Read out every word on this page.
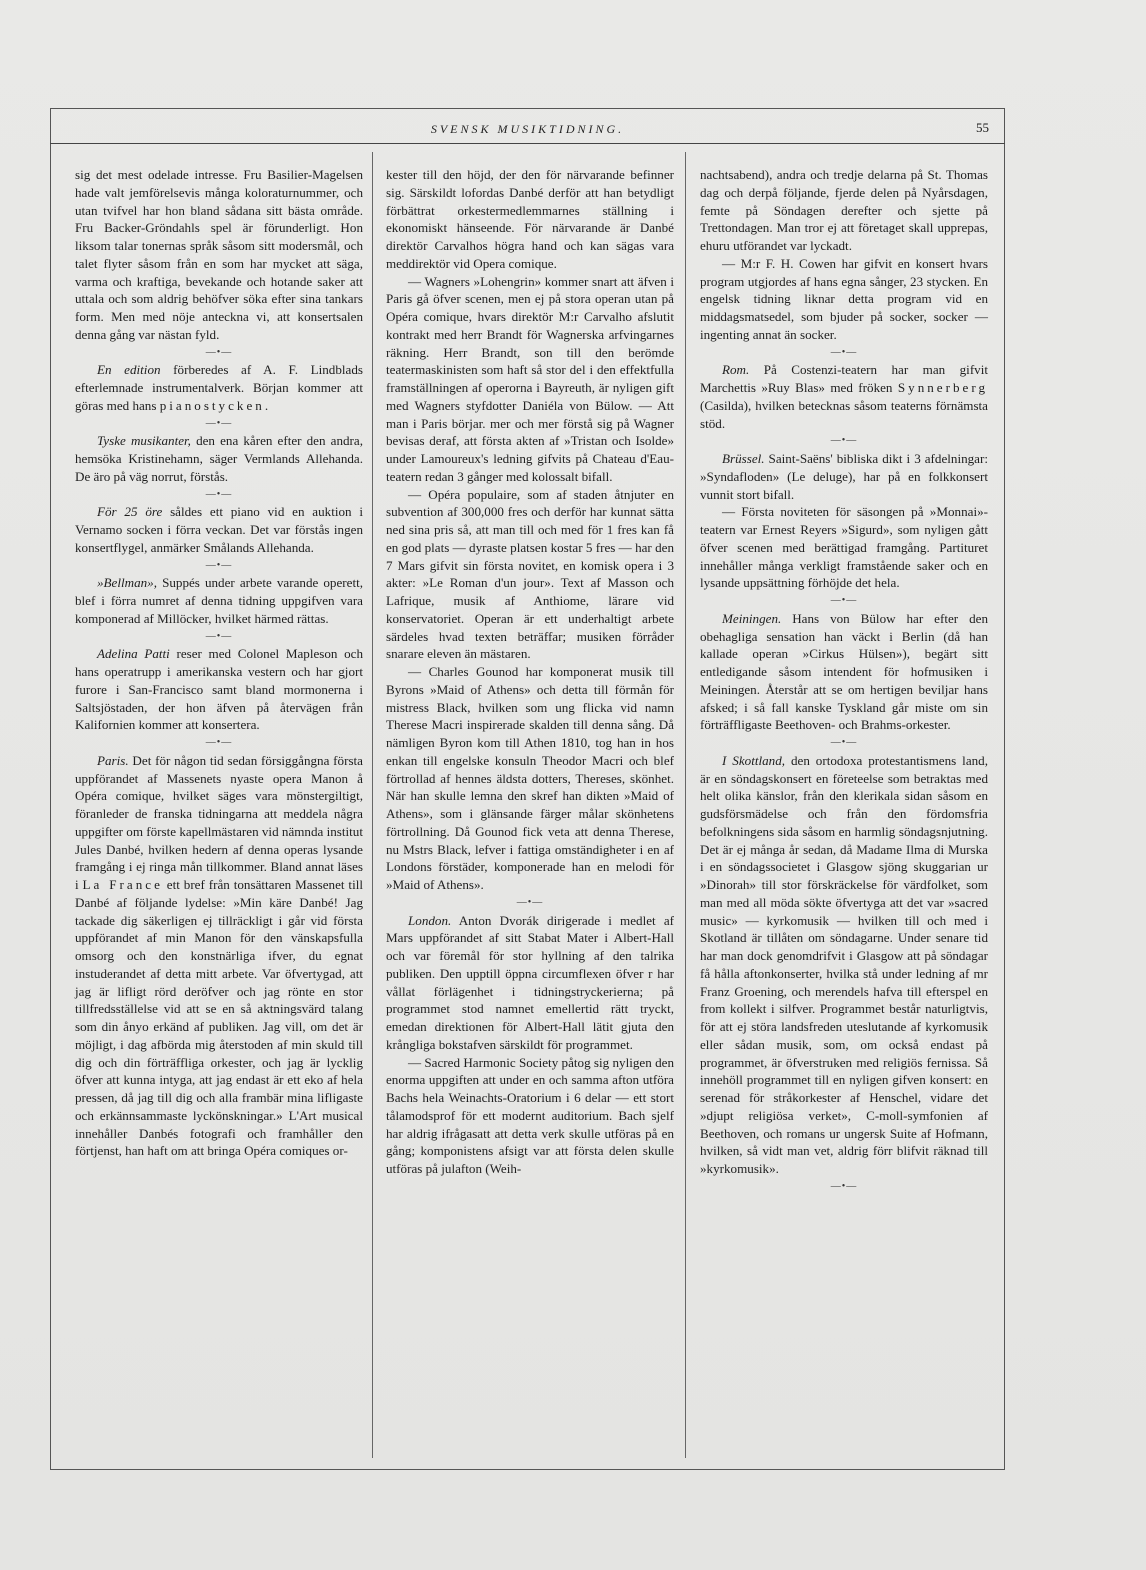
SVENSK MUSIKTIDNING.	55

sig det mest odelade intresse. Fru Basilier-Magelsen hade valt jemförelsevis många koloraturnummer, och utan tvifvel har hon bland sådana sitt bästa område. Fru Backer-Gröndahls spel är förunderligt. Hon liksom talar tonernas språk såsom sitt modersmål, och talet flyter såsom från en som har mycket att säga, varma och kraftiga, bevekande och hotande saker att uttala och som aldrig behöfver söka efter sina tankars form. Men med nöje anteckna vi, att konsertsalen denna gång var nästan fyld.

—•—

En edition förberedes af A. F. Lindblads efterlemnade instrumentalverk. Början kommer att göras med hans pianostycken.

—•—

Tyske musikanter, den ena kåren efter den andra, hemsöka Kristinehamn, säger Vermlands Allehanda. De äro på väg norrut, förstås.

—•—

För 25 öre såldes ett piano vid en auktion i Vernamo socken i förra veckan. Det var förstås ingen konsertflygel, anmärker Smålands Allehanda.

—•—

»Bellman», Suppés under arbete varande operett, blef i förra numret af denna tidning uppgifven vara komponerad af Millöcker, hvilket härmed rättas.

—•—

Adelina Patti reser med Colonel Mapleson och hans operatrupp i amerikanska vestern och har gjort furore i San-Francisco samt bland mormonerna i Saltsjöstaden, der hon äfven på återvägen från Kalifornien kommer att konsertera.

—•—

Paris. Det för någon tid sedan försiggångna första uppförandet af Massenets nyaste opera Manon å Opéra comique, hvilket säges vara mönstergiltigt, föranleder de franska tidningarna att meddela några uppgifter om förste kapellmästaren vid nämnda institut Jules Danbé, hvilken hedern af denna operas lysande framgång i ej ringa mån tillkommer. Bland annat läses i La France ett bref från tonsättaren Massenet till Danbé af följande lydelse: »Min käre Danbé! Jag tackade dig säkerligen ej tillräckligt i går vid första uppförandet af min Manon för den vänskapsfulla omsorg och den konstnärliga ifver, du egnat instuderandet af detta mitt arbete. Var öfvertygad, att jag är lifligt rörd deröfver och jag rönte en stor tillfredsställelse vid att se en så aktningsvärd talang som din ånyo erkänd af publiken. Jag vill, om det är möjligt, i dag afbörda mig återstoden af min skuld till dig och din förträffliga orkester, och jag är lycklig öfver att kunna intyga, att jag endast är ett eko af hela pressen, då jag till dig och alla frambär mina lifligaste och erkännsammaste lyckönskningar.» L'Art musical innehåller Danbés fotografi och framhåller den förtjenst, han haft om att bringa Opéra comiques or-

kester till den höjd, der den för närvarande befinner sig. Särskildt lofordas Danbé derför att han betydligt förbättrat orkestermedlemmarnes ställning i ekonomiskt hänseende. För närvarande är Danbé direktör Carvalhos högra hand och kan sägas vara meddirektör vid Opera comique.

— Wagners »Lohengrin» kommer snart att äfven i Paris gå öfver scenen, men ej på stora operan utan på Opéra comique, hvars direktör M:r Carvalho afslutit kontrakt med herr Brandt för Wagnerska arfvingarnes räkning. Herr Brandt, son till den berömde teatermaskinisten som haft så stor del i den effektfulla framställningen af operorna i Bayreuth, är nyligen gift med Wagners styfdotter Daniéla von Bülow. — Att man i Paris börjar. mer och mer förstå sig på Wagner bevisas deraf, att första akten af »Tristan och Isolde» under Lamoureux's ledning gifvits på Chateau d'Eau-teatern redan 3 gånger med kolossalt bifall.

— Opéra populaire, som af staden åtnjuter en subvention af 300,000 fres och derför har kunnat sätta ned sina pris så, att man till och med för 1 fres kan få en god plats — dyraste platsen kostar 5 fres — har den 7 Mars gifvit sin första novitet, en komisk opera i 3 akter: »Le Roman d'un jour». Text af Masson och Lafrique, musik af Anthiome, lärare vid konservatoriet. Operan är ett underhaltigt arbete särdeles hvad texten beträffar; musiken förråder snarare eleven än mästaren.

— Charles Gounod har komponerat musik till Byrons »Maid of Athens» och detta till förmån för mistress Black, hvilken som ung flicka vid namn Therese Macri inspirerade skalden till denna sång. Då nämligen Byron kom till Athen 1810, tog han in hos enkan till engelske konsuln Theodor Macri och blef förtrollad af hennes äldsta dotters, Thereses, skönhet. När han skulle lemna den skref han dikten »Maid of Athens», som i glänsande färger målar skönhetens förtrollning. Då Gounod fick veta att denna Therese, nu Mstrs Black, lefver i fattiga omständigheter i en af Londons förstäder, komponerade han en melodi för »Maid of Athens».

—•—

London. Anton Dvorák dirigerade i medlet af Mars uppförandet af sitt Stabat Mater i Albert-Hall och var föremål för stor hyllning af den talrika publiken. Den upptill öppna circumflexen öfver r har vållat förlägenhet i tidningstryckerierna; på programmet stod namnet emellertid rätt tryckt, emedan direktionen för Albert-Hall lätit gjuta den krångliga bokstafven särskildt för programmet.

— Sacred Harmonic Society påtog sig nyligen den enorma uppgiften att under en och samma afton utföra Bachs hela Weinachts-Oratorium i 6 delar — ett stort tålamodsprof för ett modernt auditorium. Bach sjelf har aldrig ifrågasatt att detta verk skulle utföras på en gång; komponistens afsigt var att första delen skulle utföras på julafton (Weih-

nachtsabend), andra och tredje delarna på St. Thomas dag och derpå följande, fjerde delen på Nyårsdagen, femte på Söndagen derefter och sjette på Trettondagen. Man tror ej att företaget skall upprepas, ehuru utförandet var lyckadt.

— M:r F. H. Cowen har gifvit en konsert hvars program utgjordes af hans egna sånger, 23 stycken. En engelsk tidning liknar detta program vid en middagsmatsedel, som bjuder på socker, socker — ingenting annat än socker.

—•—

Rom. På Costenzi-teatern har man gifvit Marchettis »Ruy Blas» med fröken Synnerberg (Casilda), hvilken betecknas såsom teaterns förnämsta stöd.

—•—

Brüssel. Saint-Saëns' bibliska dikt i 3 afdelningar: »Syndafloden» (Le deluge), har på en folkkonsert vunnit stort bifall.

— Första noviteten för säsongen på »Monnai»-teatern var Ernest Reyers »Sigurd», som nyligen gått öfver scenen med berättigad framgång. Partituret innehåller många verkligt framstående saker och en lysande uppsättning förhöjde det hela.

—•—

Meiningen. Hans von Bülow har efter den obehagliga sensation han väckt i Berlin (då han kallade operan »Cirkus Hülsen»), begärt sitt entledigande såsom intendent för hofmusiken i Meiningen. Återstår att se om hertigen beviljar hans afsked; i så fall kanske Tyskland går miste om sin förträffligaste Beethoven- och Brahms-orkester.

—•—

I Skottland, den ortodoxa protestantismens land, är en söndagskonsert en företeelse som betraktas med helt olika känslor, från den klerikala sidan såsom en gudsförsmädelse och från den fördomsfria befolkningens sida såsom en harmlig söndagsnjutning. Det är ej många år sedan, då Madame Ilma di Murska i en söndagssocietet i Glasgow sjöng skuggarian ur »Dinorah» till stor förskräckelse för värdfolket, som man med all möda sökte öfvertyga att det var »sacred music» — kyrkomusik — hvilken till och med i Skotland är tillåten om söndagarne. Under senare tid har man dock genomdrifvit i Glasgow att på söndagar få hålla aftonkonserter, hvilka stå under ledning af mr Franz Groening, och merendels hafva till efterspel en from kollekt i silfver. Programmet består naturligtvis, för att ej störa landsfreden uteslutande af kyrkomusik eller sådan musik, som, om också endast på programmet, är öfverstruken med religiös fernissa. Så innehöll programmet till en nyligen gifven konsert: en serenad för stråkorkester af Henschel, vidare det »djupt religiösa verket», C-moll-symfonien af Beethoven, och romans ur ungersk Suite af Hofmann, hvilken, så vidt man vet, aldrig förr blifvit räknad till »kyrkomusik».

—•—
